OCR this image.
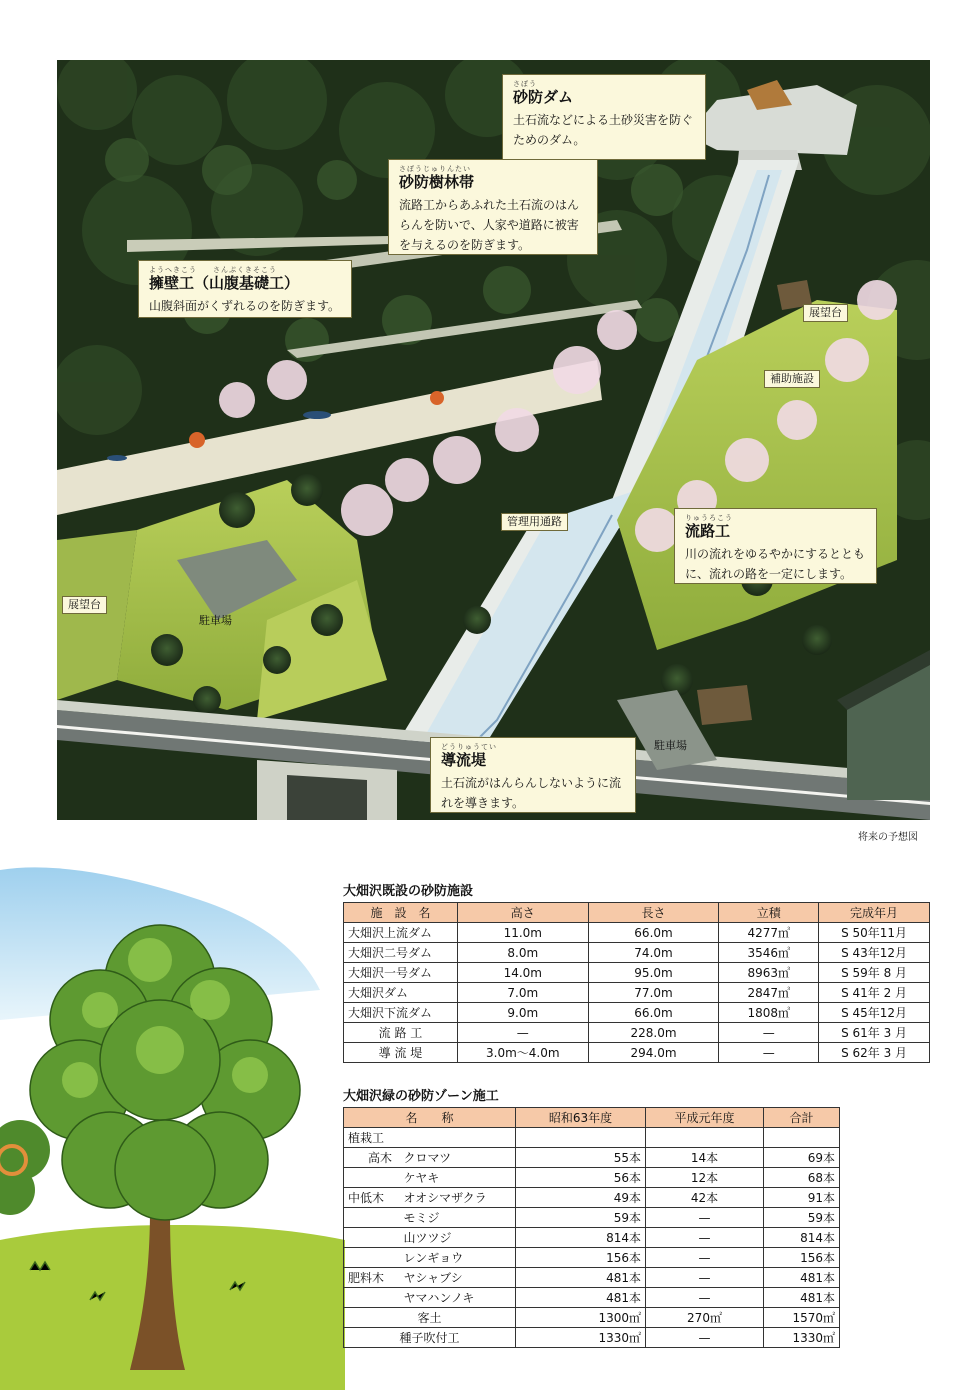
さぼう
砂防ダム
土石流などによる土砂災害を防ぐ
ためのダム。
さぼうじゅりんたい
砂防樹林帯
流路工からあふれた土石流のはん
らんを防いで、人家や道路に被害
を与えるのを防ぎます。
ようへきこう　　さんぷくきそこう
擁壁工（山腹基礎工）
山腹斜面がくずれるのを防ぎます。
りゅうろこう
流路工
川の流れをゆるやかにするととも
に、流れの路を一定にします。
どうりゅうてい
導流堤
土石流がはんらんしないように流
れを導きます。
展望台
補助施設
管理用通路
展望台
駐車場
駐車場
将来の予想図
大畑沢既設の砂防施設
施　設　名	高さ	長さ	立積	完成年月
大畑沢上流ダム	11.0m	66.0m	4277㎥	S 50年11月
大畑沢二号ダム	8.0m	74.0m	3546㎥	S 43年12月
大畑沢一号ダム	14.0m	95.0m	8963㎥	S 59年 8 月
大畑沢ダム	7.0m	77.0m	2847㎥	S 41年 2 月
大畑沢下流ダム	9.0m	66.0m	1808㎥	S 45年12月
流 路 工	—	228.0m	—	S 61年 3 月
導 流 堤	3.0m〜4.0m	294.0m	—	S 62年 3 月
大畑沢緑の砂防ゾーン施工
名　　称		昭和63年度	平成元年度	合計
植栽工				
高木	クロマツ	55本	14本	69本
	ケヤキ	56本	12本	68本
中低木	オオシマザクラ	49本	42本	91本
	モミジ	59本	—	59本
	山ツツジ	814本	—	814本
	レンギョウ	156本	—	156本
肥料木	ヤシャブシ	481本	—	481本
	ヤマハンノキ	481本	—	481本
客土		1300㎡	270㎡	1570㎡
種子吹付工		1330㎡	—	1330㎡
